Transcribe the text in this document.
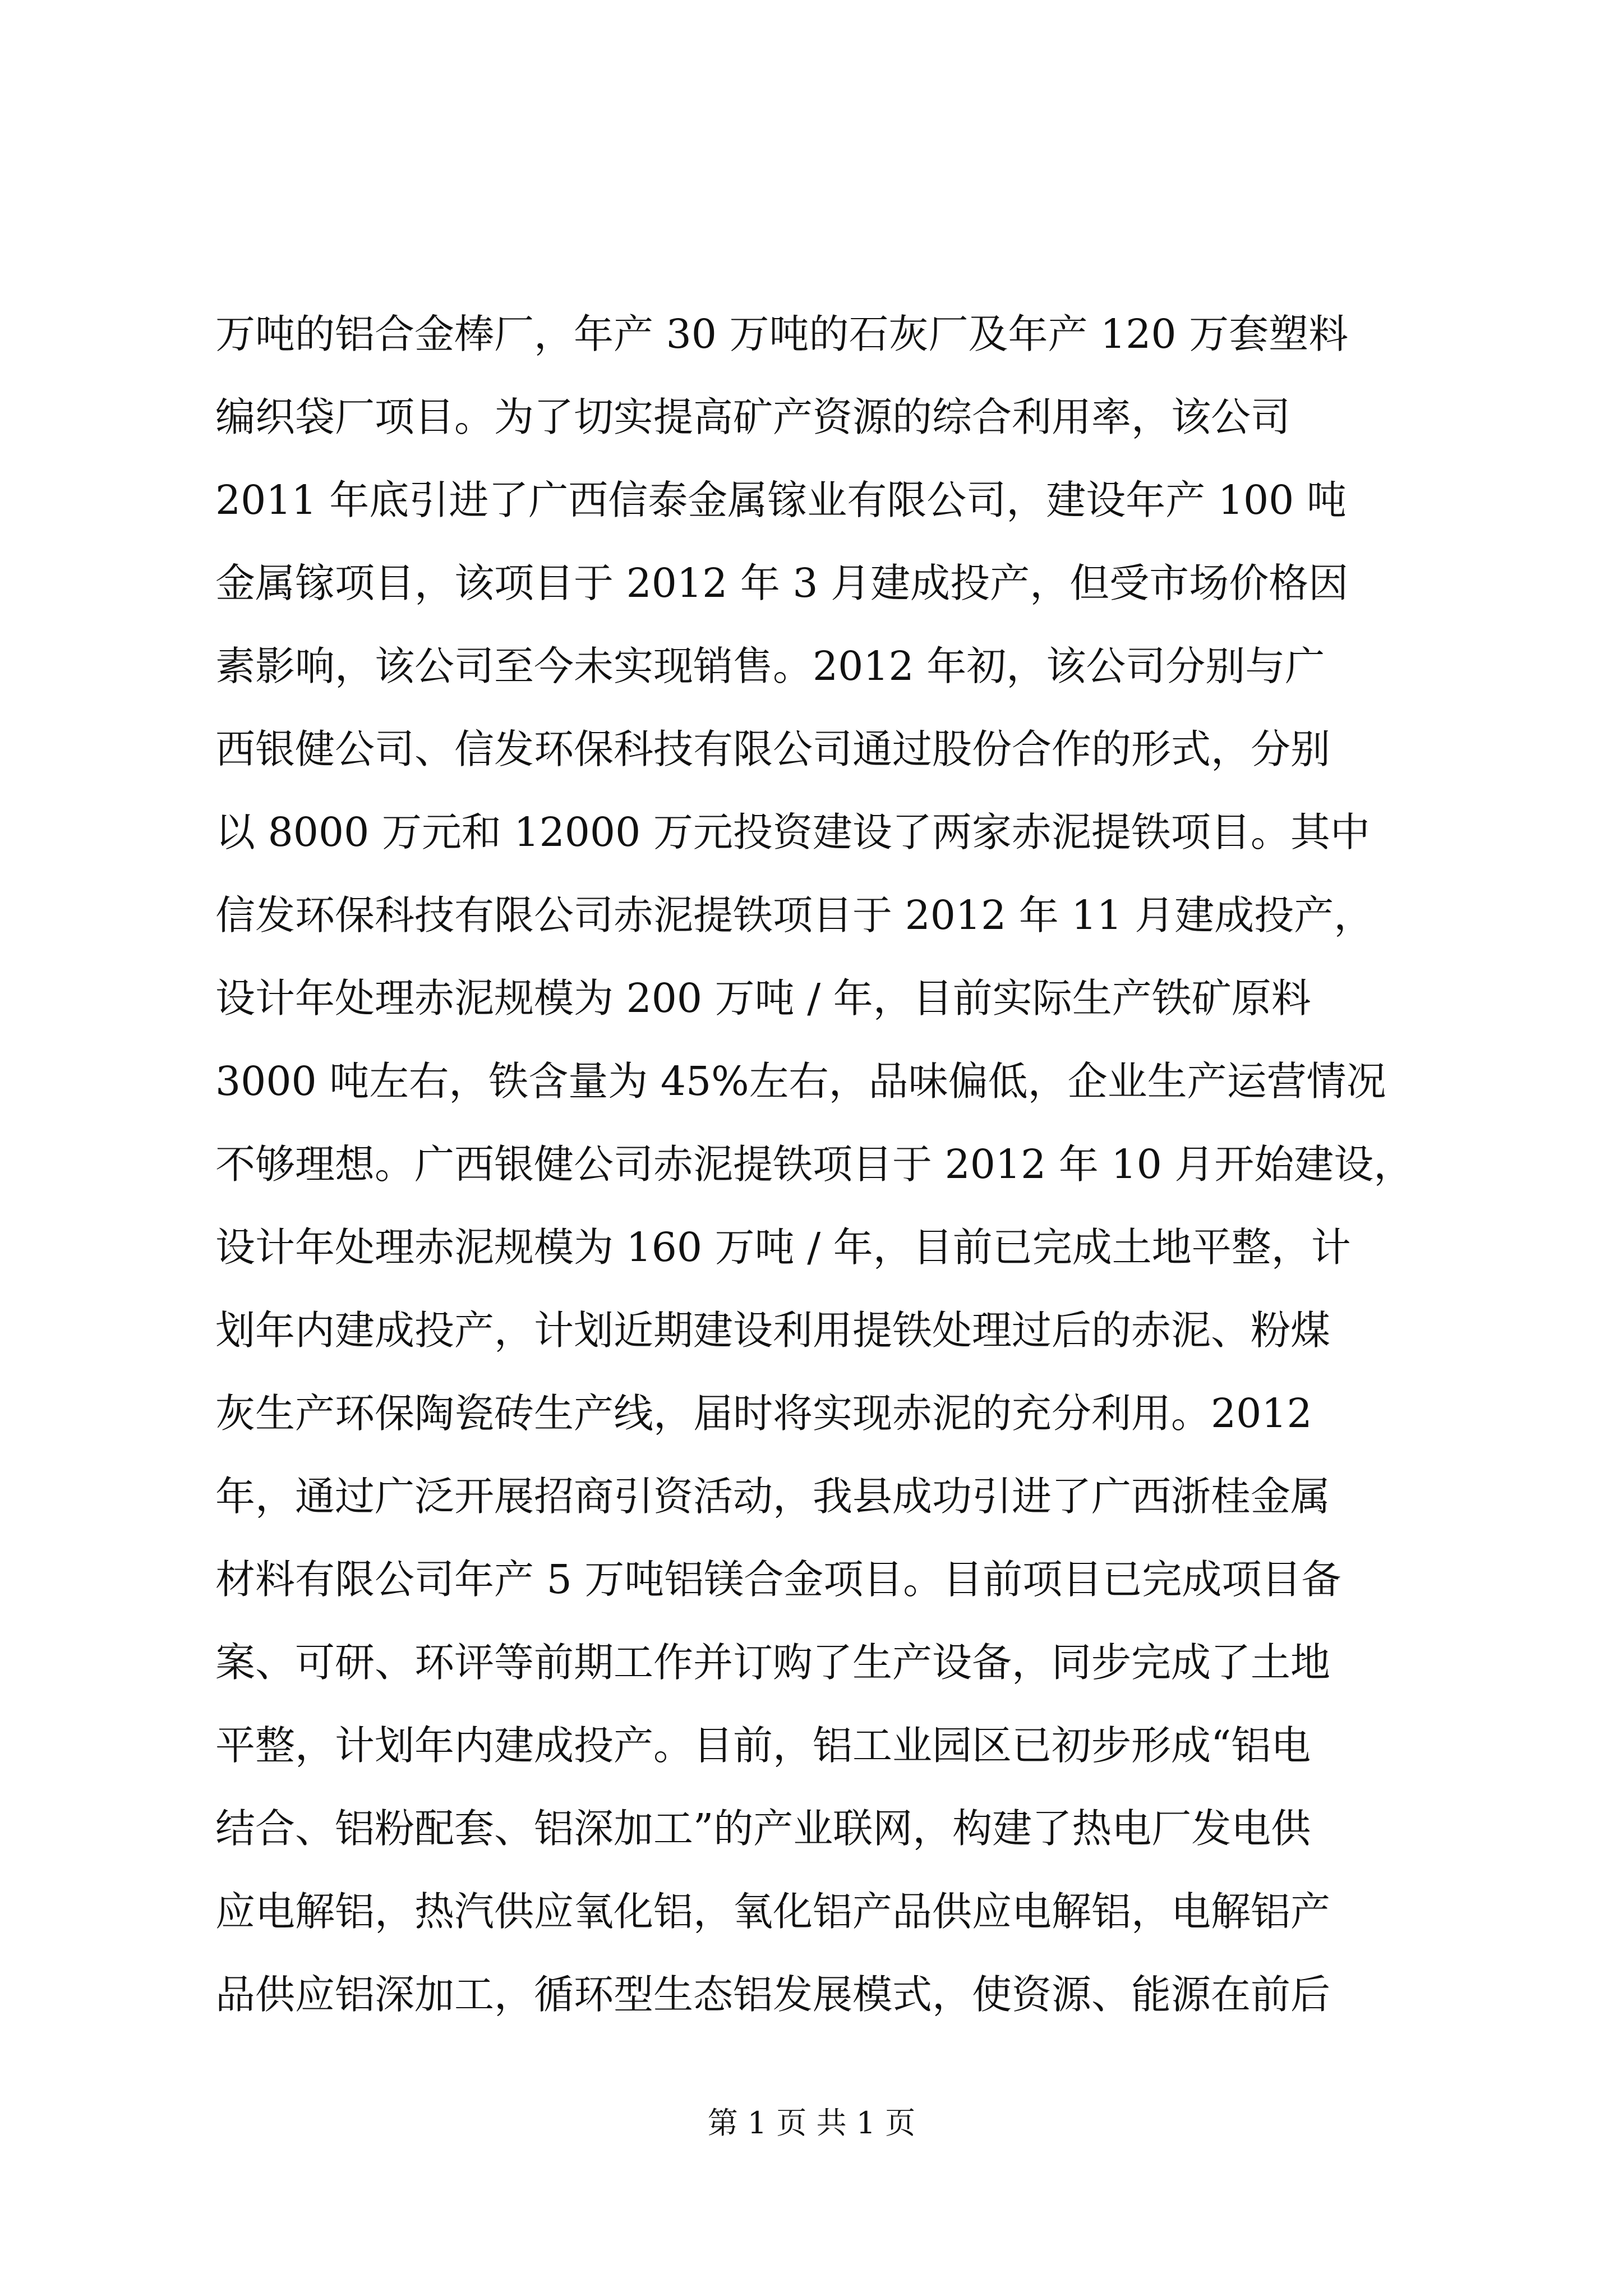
万吨的铝合金棒厂，年产 30 万吨的石灰厂及年产 120 万套塑料
编织袋厂项目。为了切实提高矿产资源的综合利用率，该公司
2011 年底引进了广西信泰金属镓业有限公司，建设年产 100 吨
金属镓项目，该项目于 2012 年 3 月建成投产，但受市场价格因
素影响，该公司至今未实现销售。2012 年初，该公司分别与广
西银健公司、信发环保科技有限公司通过股份合作的形式，分别
以 8000 万元和 12000 万元投资建设了两家赤泥提铁项目。其中
信发环保科技有限公司赤泥提铁项目于 2012 年 11 月建成投产，
设计年处理赤泥规模为 200 万吨 / 年，目前实际生产铁矿原料
3000 吨左右，铁含量为 45%左右，品味偏低，企业生产运营情况
不够理想。广西银健公司赤泥提铁项目于 2012 年 10 月开始建设，
设计年处理赤泥规模为 160 万吨 / 年，目前已完成土地平整，计
划年内建成投产，计划近期建设利用提铁处理过后的赤泥、粉煤
灰生产环保陶瓷砖生产线，届时将实现赤泥的充分利用。2012
年，通过广泛开展招商引资活动，我县成功引进了广西浙桂金属
材料有限公司年产 5 万吨铝镁合金项目。目前项目已完成项目备
案、可研、环评等前期工作并订购了生产设备，同步完成了土地
平整，计划年内建成投产。目前，铝工业园区已初步形成“铝电
结合、铝粉配套、铝深加工”的产业联网，构建了热电厂发电供
应电解铝，热汽供应氧化铝，氧化铝产品供应电解铝，电解铝产
品供应铝深加工，循环型生态铝发展模式，使资源、能源在前后
第 1 页 共 1 页
